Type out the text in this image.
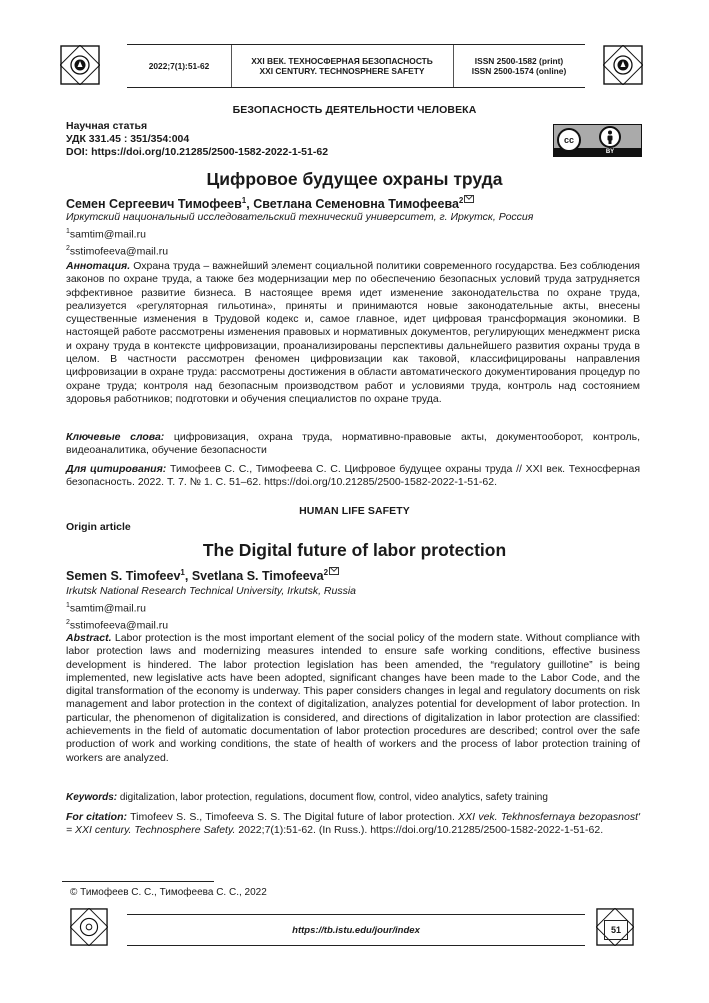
2022;7(1):51-62	XXI ВЕК. ТЕХНОСФЕРНАЯ БЕЗОПАСНОСТЬ
XXI CENTURY. TECHNOSPHERE SAFETY
ISSN 2500-1582 (print)
ISSN 2500-1574 (online)
БЕЗОПАСНОСТЬ ДЕЯТЕЛЬНОСТИ ЧЕЛОВЕКА
Научная статья
УДК 331.45 : 351/354:004
DOI: https://doi.org/10.21285/2500-1582-2022-1-51-62
cc
BY
Цифровое будущее охраны труда
Семен Сергеевич Тимофеев$^1$, Светлана Семеновна Тимофеева$^2$
Иркутский национальный исследовательский технический университет, г. Иркутск, Россия
$^1$samtim@mail.ru
$^2$sstimofeeva@mail.ru
Аннотация. Охрана труда – важнейший элемент социальной политики современного государства. Без соблюдения законов по охране труда, а также без модернизации мер по обеспечению безопасных условий труда затрудняется эффективное развитие бизнеса. В настоящее время идет изменение законодательства по охране труда, реализуется «регуляторная гильотина», приняты и принимаются новые законодательные акты, внесены существенные изменения в Трудовой кодекс и, самое главное, идет цифровая трансформация экономики. В настоящей работе рассмотрены изменения правовых и нормативных документов, регулирующих менеджмент риска и охрану труда в контексте цифровизации, проанализированы перспективы дальнейшего развития охраны труда в целом. В частности рассмотрен феномен цифровизации как таковой, классифицированы направления цифровизации в охране труда: рассмотрены достижения в области автоматического документирования процедур по охране труда; контроля над безопасным производством работ и условиями труда, контроль над состоянием здоровья работников; подготовки и обучения специалистов по охране труда.
Ключевые слова: цифровизация, охрана труда, нормативно-правовые акты, документооборот, контроль, видеоаналитика, обучение безопасности
Для цитирования: Тимофеев С. С., Тимофеева С. С. Цифровое будущее охраны труда // XXI век. Техносферная безопасность. 2022. Т. 7. № 1. С. 51–62. https://doi.org/10.21285/2500-1582-2022-1-51-62.
HUMAN LIFE SAFETY
Origin article
The Digital future of labor protection
Semen S. Timofeev$^1$, Svetlana S. Timofeeva$^2$
Irkutsk National Research Technical University, Irkutsk, Russia
$^1$samtim@mail.ru
$^2$sstimofeeva@mail.ru
Abstract. Labor protection is the most important element of the social policy of the modern state. Without compliance with labor protection laws and modernizing measures intended to ensure safe working conditions, effective business development is hindered. The labor protection legislation has been amended, the “regulatory guillotine” is being implemented, new legislative acts have been adopted, significant changes have been made to the Labor Code, and the digital transformation of the economy is underway. This paper considers changes in legal and regulatory documents on risk management and labor protection in the context of digitalization, analyzes potential for development of labor protection. In particular, the phenomenon of digitalization is considered, and directions of digitalization in labor protection are classified: achievements in the field of automatic documentation of labor protection procedures are described; control over the safe production of work and working conditions, the state of health of workers and the process of labor protection training of workers are analyzed.
Keywords: digitalization, labor protection, regulations, document flow, control, video analytics, safety training
For citation: Timofeev S. S., Timofeeva S. S. The Digital future of labor protection. XXI vek. Tekhnosfernaya bezopasnost' = XXI century. Technosphere Safety. 2022;7(1):51-62. (In Russ.). https://doi.org/10.21285/2500-1582-2022-1-51-62.
© Тимофеев С. С., Тимофеева С. С., 2022
https://tb.istu.edu/jour/index	51
